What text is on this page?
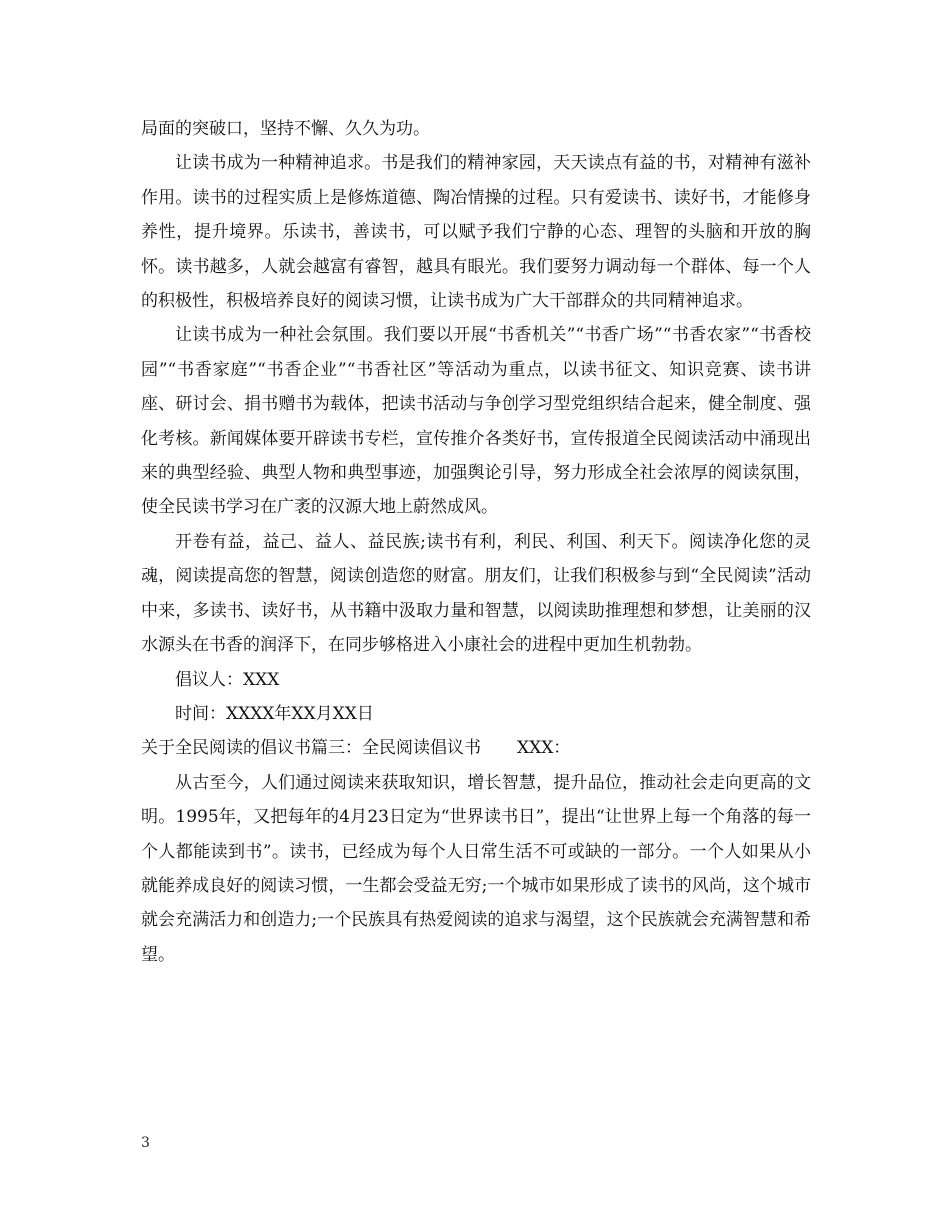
局面的突破口，坚持不懈、久久为功。

让读书成为一种精神追求。书是我们的精神家园，天天读点有益的书，对精神有滋补作用。读书的过程实质上是修炼道德、陶冶情操的过程。只有爱读书、读好书，才能修身养性，提升境界。乐读书，善读书，可以赋予我们宁静的心态、理智的头脑和开放的胸怀。读书越多，人就会越富有睿智，越具有眼光。我们要努力调动每一个群体、每一个人的积极性，积极培养良好的阅读习惯，让读书成为广大干部群众的共同精神追求。

让读书成为一种社会氛围。我们要以开展“书香机关”“书香广场”“书香农家”“书香校园”“书香家庭”“书香企业”“书香社区”等活动为重点，以读书征文、知识竞赛、读书讲座、研讨会、捐书赠书为载体，把读书活动与争创学习型党组织结合起来，健全制度、强化考核。新闻媒体要开辟读书专栏，宣传推介各类好书，宣传报道全民阅读活动中涌现出来的典型经验、典型人物和典型事迹，加强舆论引导，努力形成全社会浓厚的阅读氛围，使全民读书学习在广袤的汉源大地上蔚然成风。

开卷有益，益己、益人、益民族;读书有利，利民、利国、利天下。阅读净化您的灵魂，阅读提高您的智慧，阅读创造您的财富。朋友们，让我们积极参与到“全民阅读”活动中来，多读书、读好书，从书籍中汲取力量和智慧，以阅读助推理想和梦想，让美丽的汉水源头在书香的润泽下，在同步够格进入小康社会的进程中更加生机勃勃。

倡议人：XXX

时间：XXXX年XX月XX日

关于全民阅读的倡议书篇三：全民阅读倡议书 XXX：

从古至今，人们通过阅读来获取知识，增长智慧，提升品位，推动社会走向更高的文明。1995年，又把每年的4月23日定为“世界读书日”，提出“让世界上每一个角落的每一个人都能读到书”。读书，已经成为每个人日常生活不可或缺的一部分。一个人如果从小就能养成良好的阅读习惯，一生都会受益无穷;一个城市如果形成了读书的风尚，这个城市就会充满活力和创造力;一个民族具有热爱阅读的追求与渴望，这个民族就会充满智慧和希望。

3
